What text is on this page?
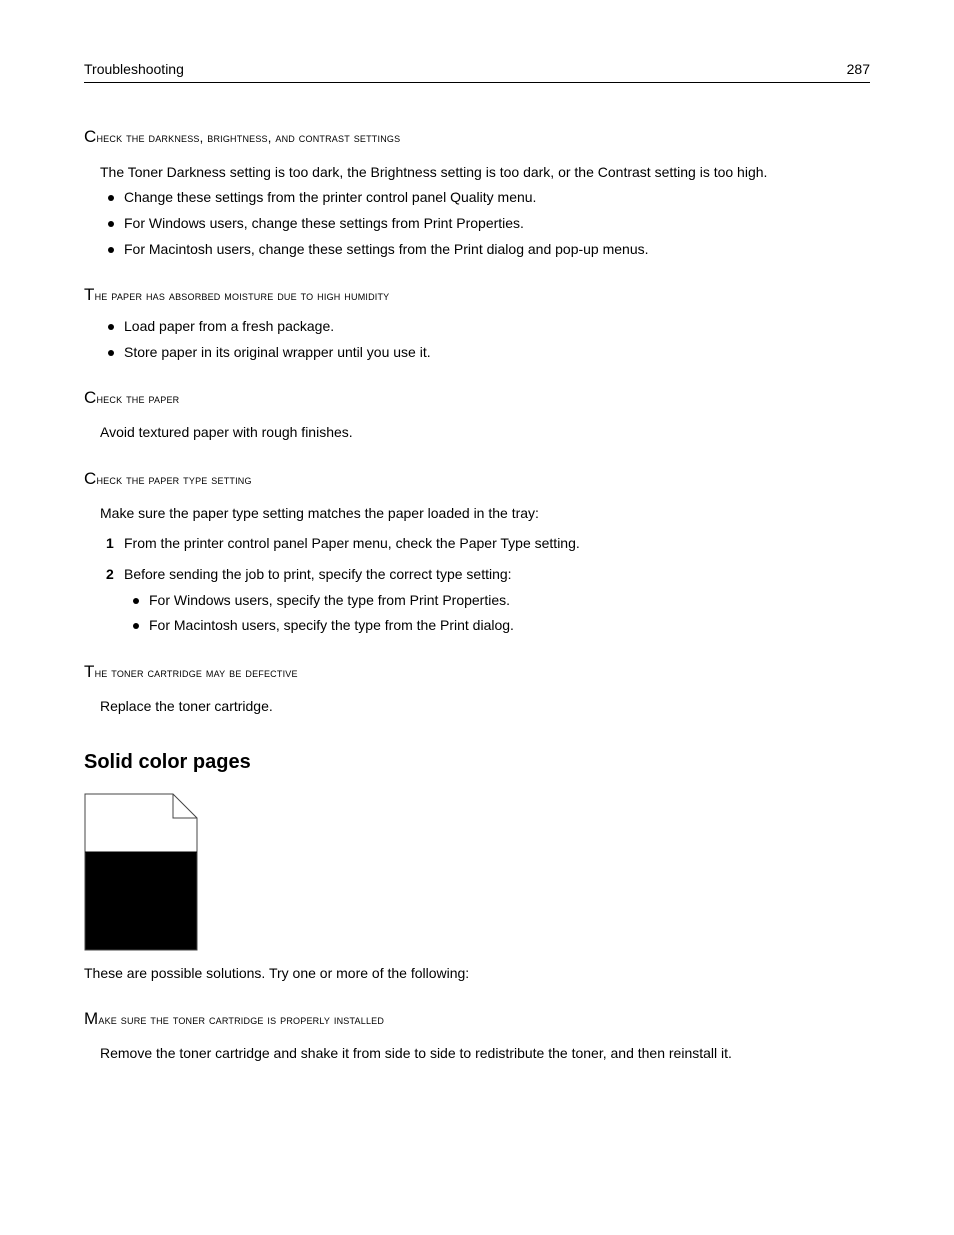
Troubleshooting	287
Check the darkness, brightness, and contrast settings

The Toner Darkness setting is too dark, the Brightness setting is too dark, or the Contrast setting is too high.

Change these settings from the printer control panel Quality menu.
For Windows users, change these settings from Print Properties.
For Macintosh users, change these settings from the Print dialog and pop-up menus.
The paper has absorbed moisture due to high humidity
Load paper from a fresh package.
Store paper in its original wrapper until you use it.
Check the paper

Avoid textured paper with rough finishes.

Check the paper type setting

Make sure the paper type setting matches the paper loaded in the tray:

1 From the printer control panel Paper menu, check the Paper Type setting.
2 Before sending the job to print, specify the correct type setting:
For Windows users, specify the type from Print Properties.
For Macintosh users, specify the type from the Print dialog.
The toner cartridge may be defective

Replace the toner cartridge.

Solid color pages
These are possible solutions. Try one or more of the following:
Make sure the toner cartridge is properly installed

Remove the toner cartridge and shake it from side to side to redistribute the toner, and then reinstall it.
